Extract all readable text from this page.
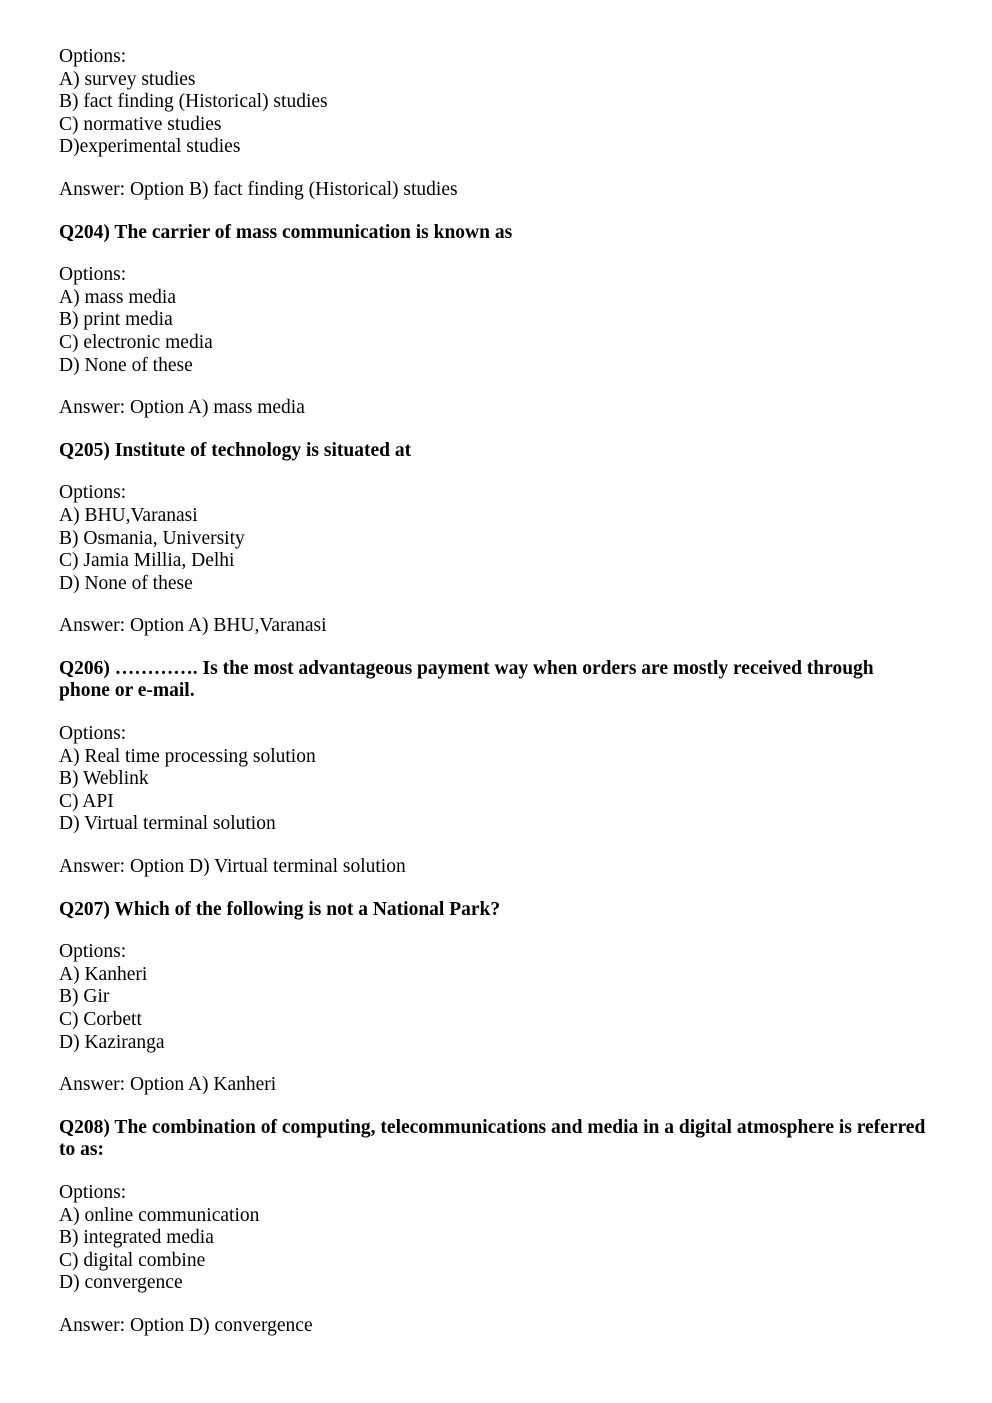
Options:
A) survey studies
B) fact finding (Historical) studies
C) normative studies
D)experimental studies
Answer: Option B) fact finding (Historical) studies

Q204) The carrier of mass communication is known as

Options:
A) mass media
B) print media
C) electronic media
D) None of these
Answer: Option A) mass media

Q205) Institute of technology is situated at

Options:
A) BHU,Varanasi
B) Osmania, University
C) Jamia Millia, Delhi
D) None of these
Answer: Option A) BHU,Varanasi

Q206) …………. Is the most advantageous payment way when orders are mostly received through phone or e-mail.

Options:
A) Real time processing solution
B) Weblink
C) API
D) Virtual terminal solution
Answer: Option D) Virtual terminal solution

Q207) Which of the following is not a National Park?

Options:
A) Kanheri
B) Gir
C) Corbett
D) Kaziranga
Answer: Option A) Kanheri

Q208) The combination of computing, telecommunications and media in a digital atmosphere is referred to as:

Options:
A) online communication
B) integrated media
C) digital combine
D) convergence
Answer: Option D) convergence
